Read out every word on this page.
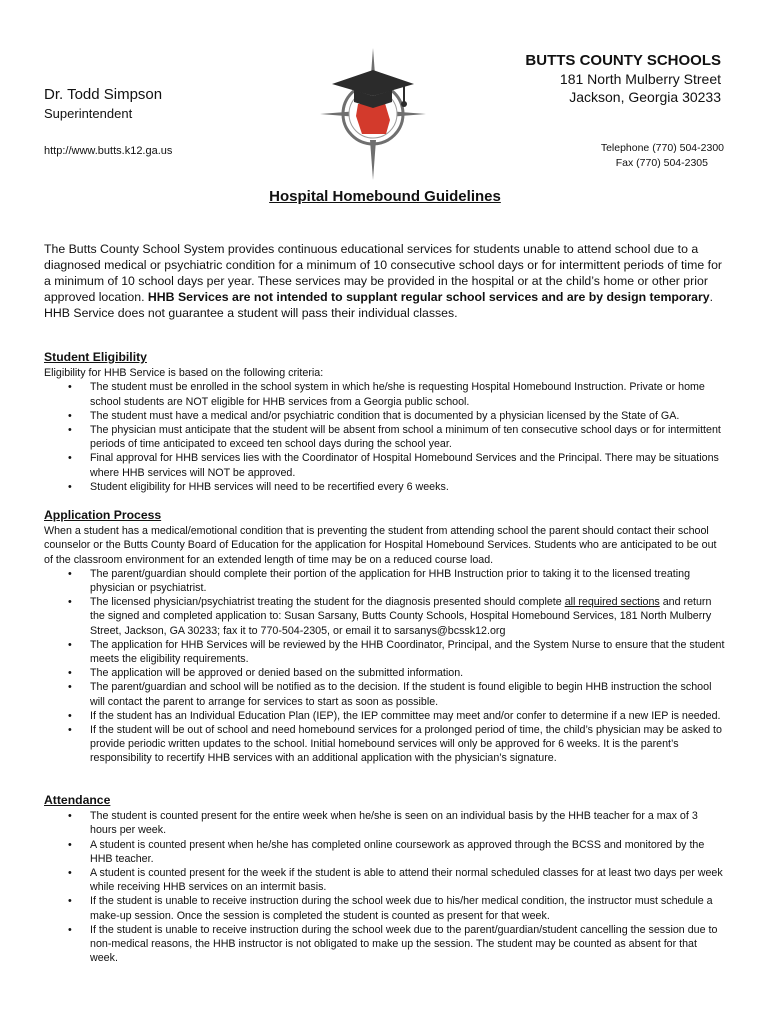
Dr. Todd Simpson
Superintendent
http://www.butts.k12.ga.us
BUTTS COUNTY SCHOOLS
181 North Mulberry Street
Jackson, Georgia 30233
Telephone (770) 504-2300
Fax (770) 504-2305
Hospital Homebound Guidelines
The Butts County School System provides continuous educational services for students unable to attend school due to a diagnosed medical or psychiatric condition for a minimum of 10 consecutive school days or for intermittent periods of time for a minimum of 10 school days per year. These services may be provided in the hospital or at the child’s home or other prior approved location. HHB Services are not intended to supplant regular school services and are by design temporary. HHB Service does not guarantee a student will pass their individual classes.
Student Eligibility

Eligibility for HHB Service is based on the following criteria:

• The student must be enrolled in the school system in which he/she is requesting Hospital Homebound Instruction. Private or home school students are NOT eligible for HHB services from a Georgia public school.
• The student must have a medical and/or psychiatric condition that is documented by a physician licensed by the State of GA.
• The physician must anticipate that the student will be absent from school a minimum of ten consecutive school days or for intermittent periods of time anticipated to exceed ten school days during the school year.
• Final approval for HHB services lies with the Coordinator of Hospital Homebound Services and the Principal. There may be situations where HHB services will NOT be approved.
• Student eligibility for HHB services will need to be recertified every 6 weeks.
Application Process

When a student has a medical/emotional condition that is preventing the student from attending school the parent should contact their school counselor or the Butts County Board of Education for the application for Hospital Homebound Services. Students who are anticipated to be out of the classroom environment for an extended length of time may be on a reduced course load.

• The parent/guardian should complete their portion of the application for HHB Instruction prior to taking it to the licensed treating physician or psychiatrist.
• The licensed physician/psychiatrist treating the student for the diagnosis presented should complete all required sections and return the signed and completed application to: Susan Sarsany, Butts County Schools, Hospital Homebound Services, 181 North Mulberry Street, Jackson, GA 30233; fax it to 770-504-2305, or email it to sarsanys@bcssk12.org
• The application for HHB Services will be reviewed by the HHB Coordinator, Principal, and the System Nurse to ensure that the student meets the eligibility requirements.
• The application will be approved or denied based on the submitted information.
• The parent/guardian and school will be notified as to the decision. If the student is found eligible to begin HHB instruction the school will contact the parent to arrange for services to start as soon as possible.
• If the student has an Individual Education Plan (IEP), the IEP committee may meet and/or confer to determine if a new IEP is needed.
• If the student will be out of school and need homebound services for a prolonged period of time, the child’s physician may be asked to provide periodic written updates to the school. Initial homebound services will only be approved for 6 weeks. It is the parent’s responsibility to recertify HHB services with an additional application with the physician’s signature.
Attendance
• The student is counted present for the entire week when he/she is seen on an individual basis by the HHB teacher for a max of 3 hours per week.
• A student is counted present when he/she has completed online coursework as approved through the BCSS and monitored by the HHB teacher.
• A student is counted present for the week if the student is able to attend their normal scheduled classes for at least two days per week while receiving HHB services on an intermit basis.
• If the student is unable to receive instruction during the school week due to his/her medical condition, the instructor must schedule a make-up session. Once the session is completed the student is counted as present for that week.
• If the student is unable to receive instruction during the school week due to the parent/guardian/student cancelling the session due to non-medical reasons, the HHB instructor is not obligated to make up the session. The student may be counted as absent for that week.
